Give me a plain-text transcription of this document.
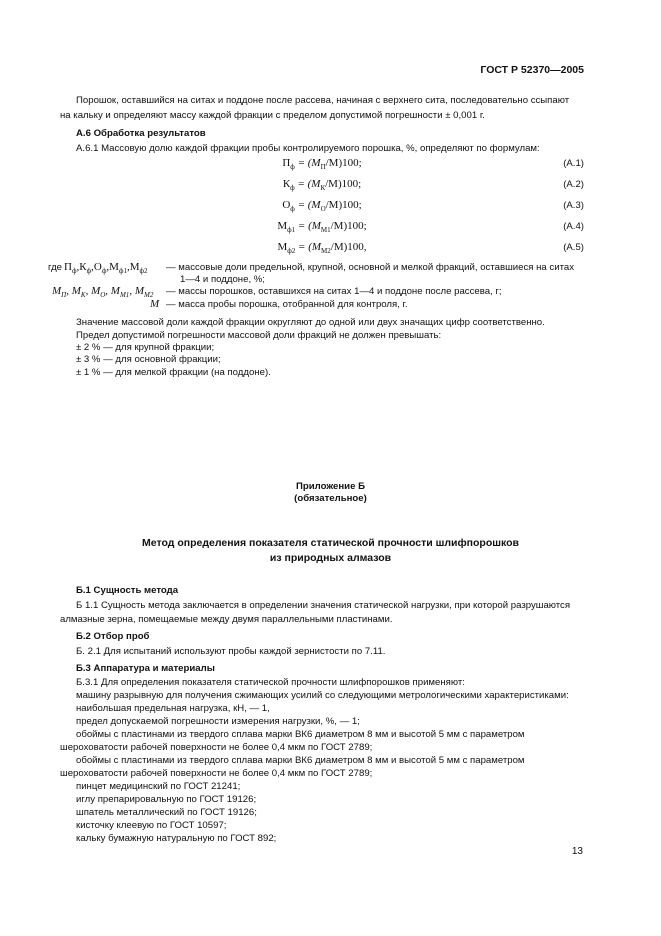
ГОСТ Р 52370—2005
Порошок, оставшийся на ситах и поддоне после рассева, начиная с верхнего сита, последовательно ссыпают
на кальку и определяют массу каждой фракции с пределом допустимой погрешности ± 0,001 г.
А.6 Обработка результатов
А.6.1 Массовую долю каждой фракции пробы контролируемого порошка, %, определяют по формулам:
$П_ф = (M_П/M)100$;	(А.1)
$К_ф = (M_К/M)100$;	(А.2)
$О_ф = (M_О/M)100$;	(А.3)
$М_{ф1} = (M_{М1}/M)100$;	(А.4)
$М_{ф2} = (M_{М2}/M)100$,	(А.5)
где $П_ф,К_ф,О_ф,М_{ф1},М_{ф2}$ — массовые доли предельной, крупной, основной и мелкой фракций, оставшиеся на ситах
1—4 и поддоне, %;
$M_П$, $M_К$, $M_О$, $M_{М1}$, $M_{М2}$ — массы порошков, оставшихся на ситах 1—4 и поддоне после рассева, г;
M — масса пробы порошка, отобранной для контроля, г.
Значение массовой доли каждой фракции округляют до одной или двух значащих цифр соответственно.
Предел допустимой погрешности массовой доли фракций не должен превышать:
± 2 % — для крупной фракции;
± 3 % — для основной фракции;
± 1 % — для мелкой фракции (на поддоне).
Приложение Б
(обязательное)
Метод определения показателя статической прочности шлифпорошков
из природных алмазов
Б.1 Сущность метода
Б 1.1 Сущность метода заключается в определении значения статической нагрузки, при которой разрушаются
алмазные зерна, помещаемые между двумя параллельными пластинами.
Б.2 Отбор проб
Б. 2.1 Для испытаний используют пробы каждой зернистости по 7.11.
Б.3 Аппаратура и материалы
Б.3.1 Для определения показателя статической прочности шлифпорошков применяют:
машину разрывную для получения сжимающих усилий со следующими метрологическими характеристиками:
наибольшая предельная нагрузка, кН, — 1,
предел допускаемой погрешности измерения нагрузки, %, — 1;
обоймы с пластинами из твердого сплава марки ВК6 диаметром 8 мм и высотой 5 мм с параметром
шероховатости рабочей поверхности не более 0,4 мкм по ГОСТ 2789;
обоймы с пластинами из твердого сплава марки ВК6 диаметром 8 мм и высотой 5 мм с параметром
шероховатости рабочей поверхности не более 0,4 мкм по ГОСТ 2789;
пинцет медицинский по ГОСТ 21241;
иглу препарировальную по ГОСТ 19126;
шпатель металлический по ГОСТ 19126;
кисточку клеевую по ГОСТ 10597;
кальку бумажную натуральную по ГОСТ 892;
13
